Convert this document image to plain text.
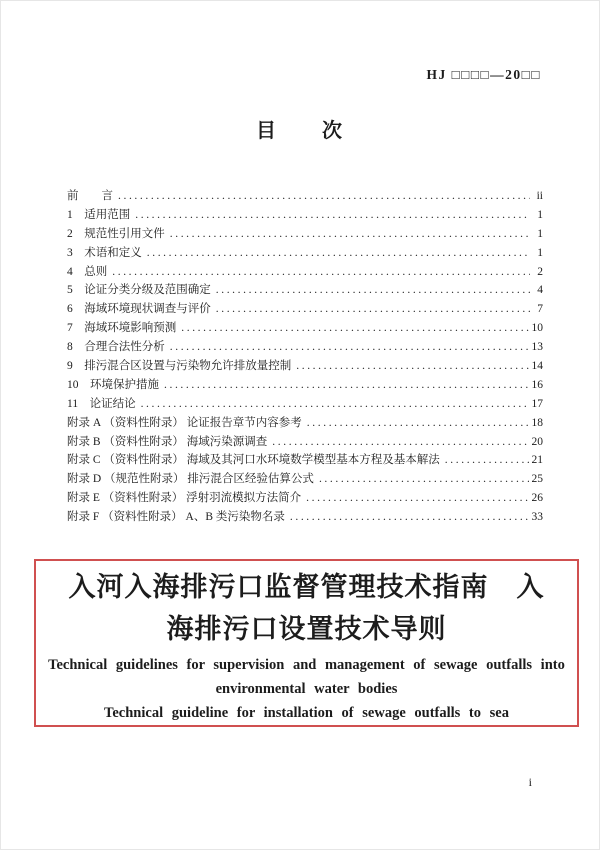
HJ □□□□—20□□
目　　次
前　　言 .....	ii
1　适用范围 .....	1
2　规范性引用文件 .....	1
3　术语和定义 .....	1
4　总则 .....	2
5　论证分类分级及范围确定 .....	4
6　海域环境现状调查与评价 .....	7
7　海域环境影响预测 .....	10
8　合理合法性分析 .....	13
9　排污混合区设置与污染物允许排放量控制 .....	14
10　环境保护措施 .....	16
11　论证结论 .....	17
附录 A （资料性附录） 论证报告章节内容参考 .....	18
附录 B （资料性附录） 海域污染源调查 .....	20
附录 C （资料性附录） 海域及其河口水环境数学模型基本方程及基本解法 .....	21
附录 D （规范性附录） 排污混合区经验估算公式 .....	25
附录 E （资料性附录） 浮射羽流模拟方法简介 .....	26
附录 F （资料性附录） A、B 类污染物名录 .....	33
入河入海排污口监督管理技术指南　入
海排污口设置技术导则
Technical guidelines for supervision and management of sewage outfalls into
environmental water bodies
Technical guideline for installation of sewage outfalls to sea
i
